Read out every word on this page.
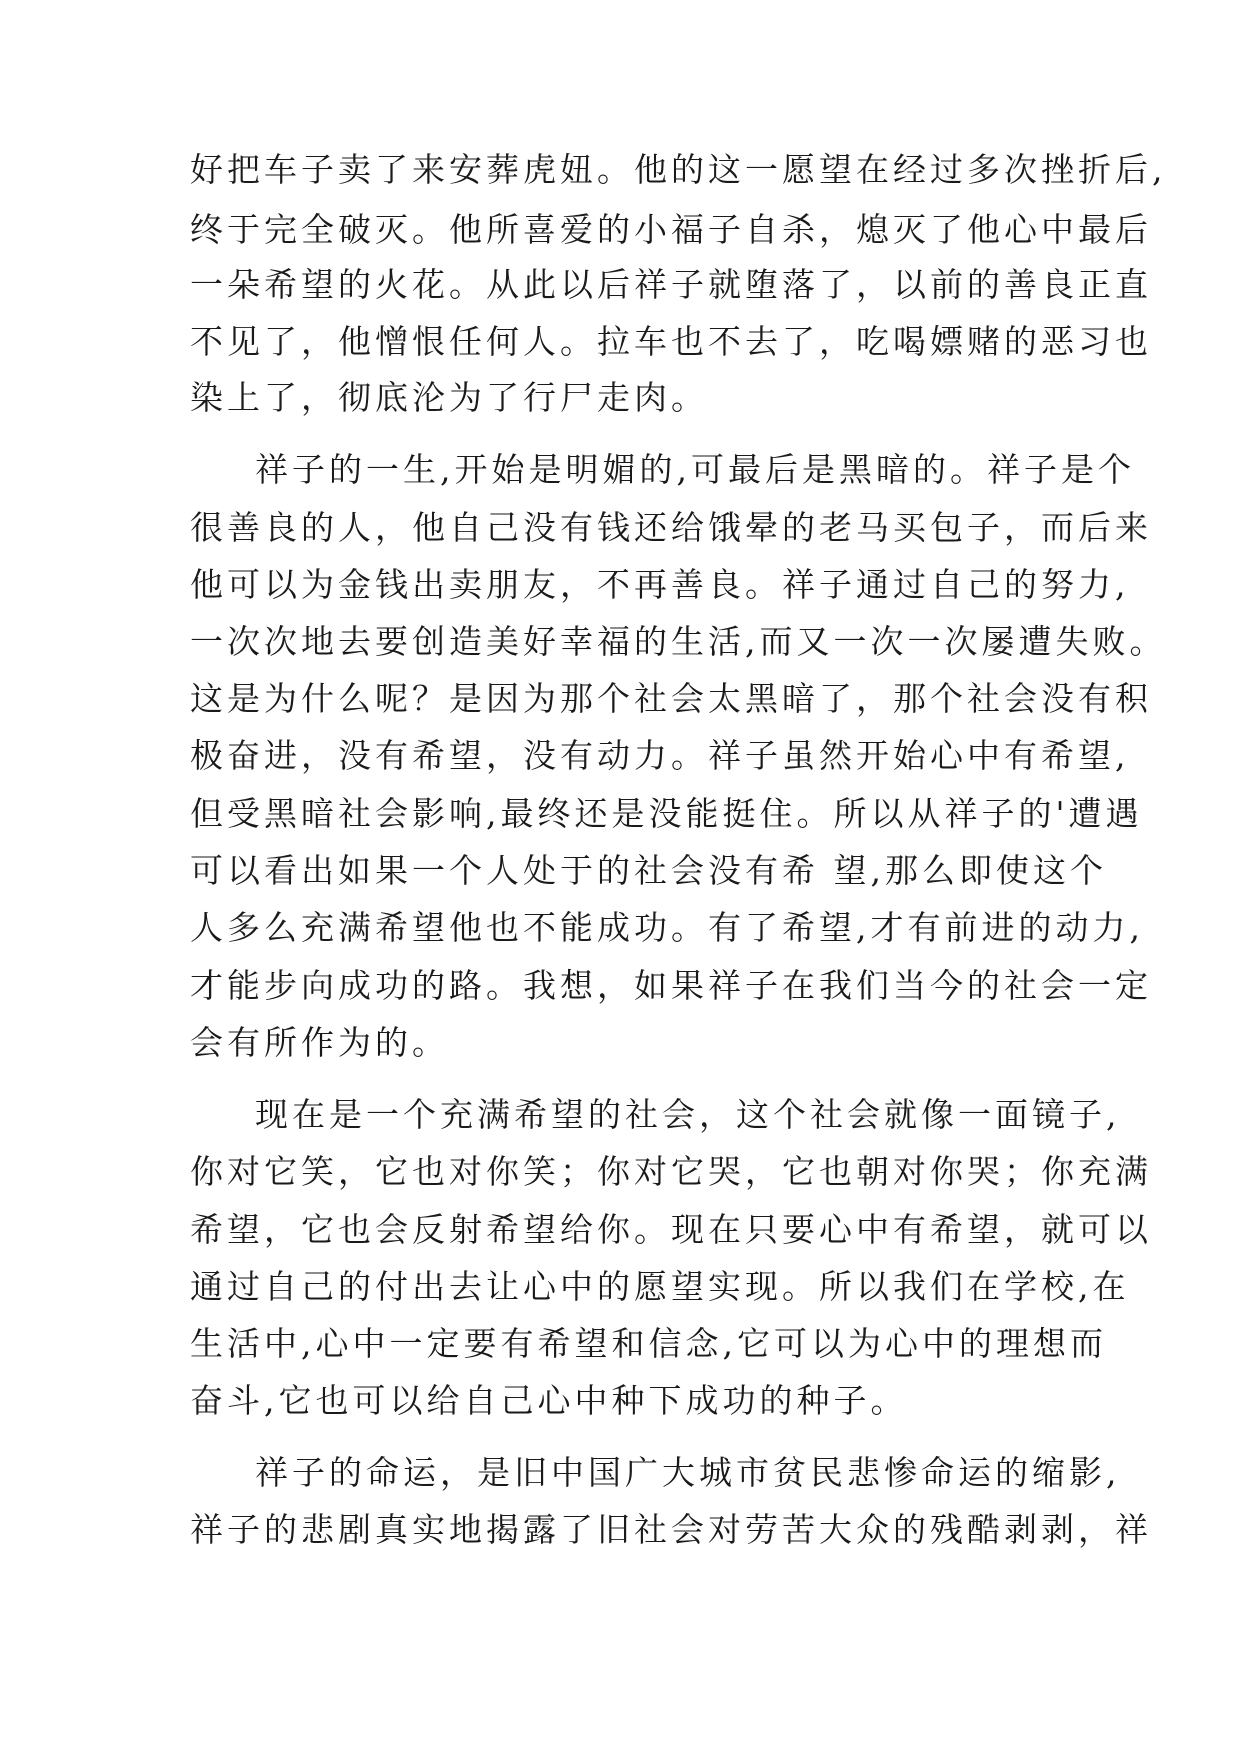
好把车子卖了来安葬虎妞。他的这一愿望在经过多次挫折后,
终于完全破灭。他所喜爱的小福子自杀，熄灭了他心中最后
一朵希望的火花。从此以后祥子就堕落了，以前的善良正直
不见了，他憎恨任何人。拉车也不去了，吃喝嫖赌的恶习也
染上了，彻底沦为了行尸走肉。
祥子的一生,开始是明媚的,可最后是黑暗的。祥子是个
很善良的人，他自己没有钱还给饿晕的老马买包子，而后来
他可以为金钱出卖朋友，不再善良。祥子通过自己的努力,
一次次地去要创造美好幸福的生活,而又一次一次屡遭失败。
这是为什么呢？是因为那个社会太黑暗了，那个社会没有积
极奋进，没有希望，没有动力。祥子虽然开始心中有希望,
但受黑暗社会影响,最终还是没能挺住。所以从祥子的'遭遇
可以看出如果一个人处于的社会没有希 望,那么即使这个
人多么充满希望他也不能成功。有了希望,才有前进的动力,
才能步向成功的路。我想，如果祥子在我们当今的社会一定
会有所作为的。
现在是一个充满希望的社会，这个社会就像一面镜子,
你对它笑，它也对你笑；你对它哭，它也朝对你哭；你充满
希望，它也会反射希望给你。现在只要心中有希望，就可以
通过自己的付出去让心中的愿望实现。所以我们在学校,在
生活中,心中一定要有希望和信念,它可以为心中的理想而
奋斗,它也可以给自己心中种下成功的种子。
祥子的命运，是旧中国广大城市贫民悲惨命运的缩影,
祥子的悲剧真实地揭露了旧社会对劳苦大众的残酷剥剥，祥
